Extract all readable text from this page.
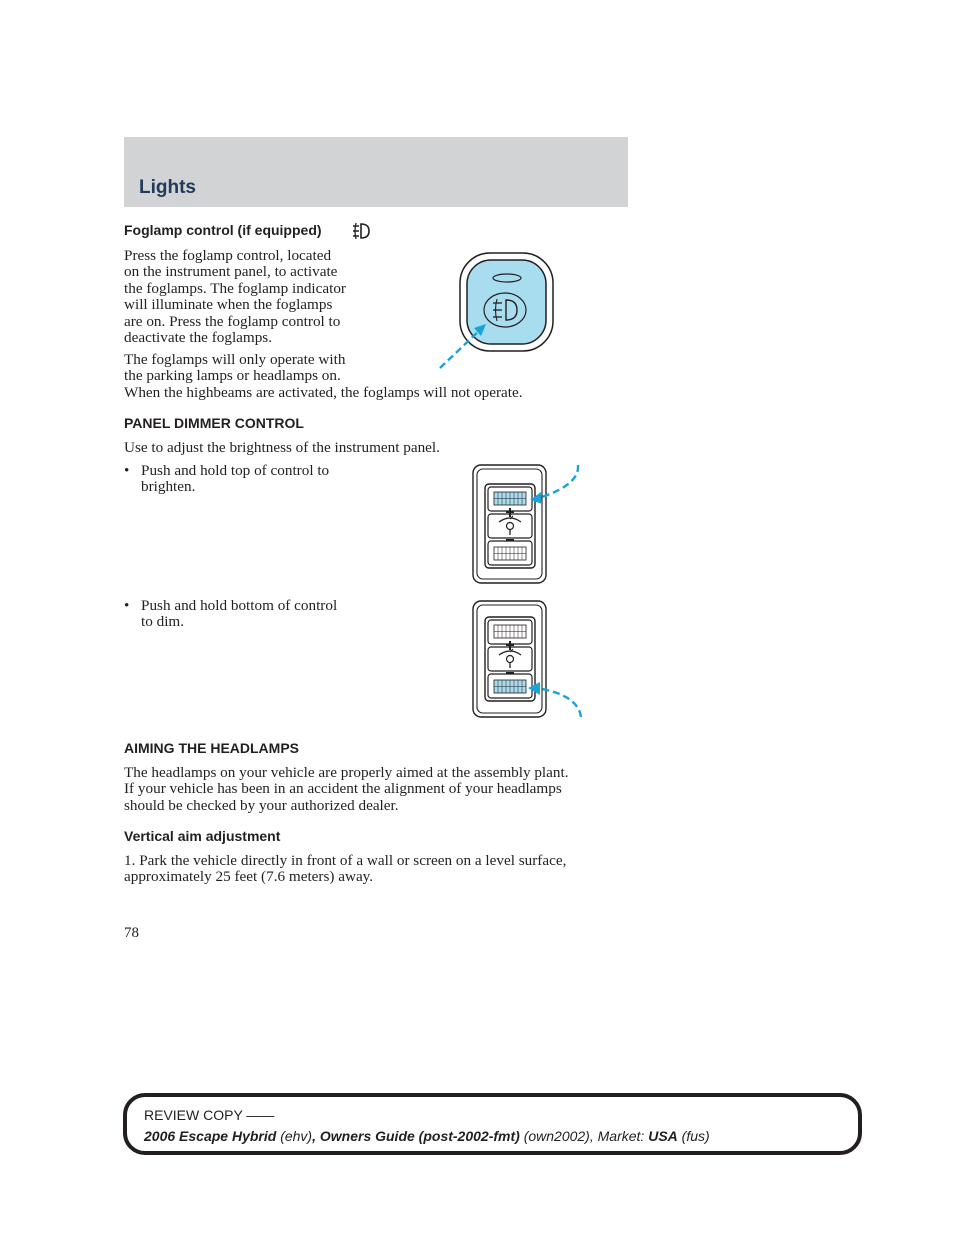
Lights
Foglamp control (if equipped)
Press the foglamp control, located
on the instrument panel, to activate
the foglamps. The foglamp indicator
will illuminate when the foglamps
are on. Press the foglamp control to
deactivate the foglamps.
The foglamps will only operate with
the parking lamps or headlamps on.
When the highbeams are activated, the foglamps will not operate.
PANEL DIMMER CONTROL
Use to adjust the brightness of the instrument panel.
• Push and hold top of control to
brighten.
• Push and hold bottom of control
to dim.
AIMING THE HEADLAMPS
The headlamps on your vehicle are properly aimed at the assembly plant.
If your vehicle has been in an accident the alignment of your headlamps
should be checked by your authorized dealer.
Vertical aim adjustment
1. Park the vehicle directly in front of a wall or screen on a level surface,
approximately 25 feet (7.6 meters) away.
78
REVIEW COPY ——
2006 Escape Hybrid (ehv), Owners Guide (post-2002-fmt) (own2002), Market: USA (fus)
